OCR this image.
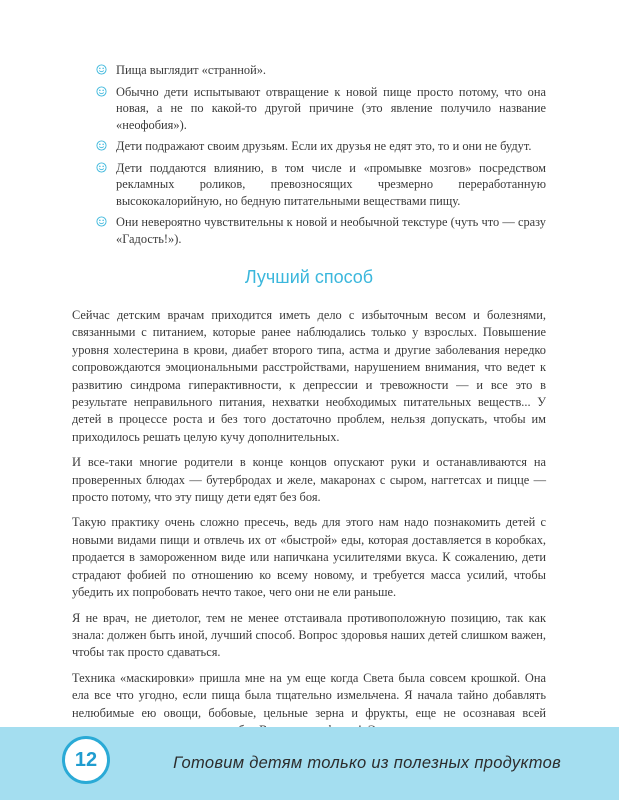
Пища выглядит «странной».
Обычно дети испытывают отвращение к новой пище просто потому, что она новая, а не по какой-то другой причине (это явление получило название «неофобия»).
Дети подражают своим друзьям. Если их друзья не едят это, то и они не будут.
Дети поддаются влиянию, в том числе и «промывке мозгов» посредством рекламных роликов, превозносящих чрезмерно переработанную высококалорийную, но бедную питательными веществами пищу.
Они невероятно чувствительны к новой и необычной текстуре (чуть что — сразу «Гадость!»).
Лучший способ

Сейчас детским врачам приходится иметь дело с избыточным весом и болезнями, связанными с питанием, которые ранее наблюдались только у взрослых. Повышение уровня холестерина в крови, диабет второго типа, астма и другие заболевания нередко сопровождаются эмоциональными расстройствами, нарушением внимания, что ведет к развитию синдрома гиперактивности, к депрессии и тревожности — и все это в результате неправильного питания, нехватки необходимых питательных веществ... У детей в процессе роста и без того достаточно проблем, нельзя допускать, чтобы им приходилось решать целую кучу дополнительных.

И все-таки многие родители в конце концов опускают руки и останавливаются на проверенных блюдах — бутербродах и желе, макаронах с сыром, наггетсах и пицце — просто потому, что эту пищу дети едят без боя.

Такую практику очень сложно пресечь, ведь для этого нам надо познакомить детей с новыми видами пищи и отвлечь их от «быстрой» еды, которая доставляется в коробках, продается в замороженном виде или напичкана усилителями вкуса. К сожалению, дети страдают фобией по отношению ко всему новому, и требуется масса усилий, чтобы убедить их попробовать нечто такое, чего они не ели раньше.

Я не врач, не диетолог, тем не менее отстаивала противоположную позицию, так как знала: должен быть иной, лучший способ. Вопрос здоровья наших детей слишком важен, чтобы так просто сдаваться.

Техника «маскировки» пришла мне на ум еще когда Света была совсем крошкой. Она ела все что угодно, если пища была тщательно измельчена. Я начала тайно добавлять нелюбимые ею овощи, бобовые, цельные зерна и фрукты, еще не осознавая всей

12	Готовим детям только из полезных продуктов
